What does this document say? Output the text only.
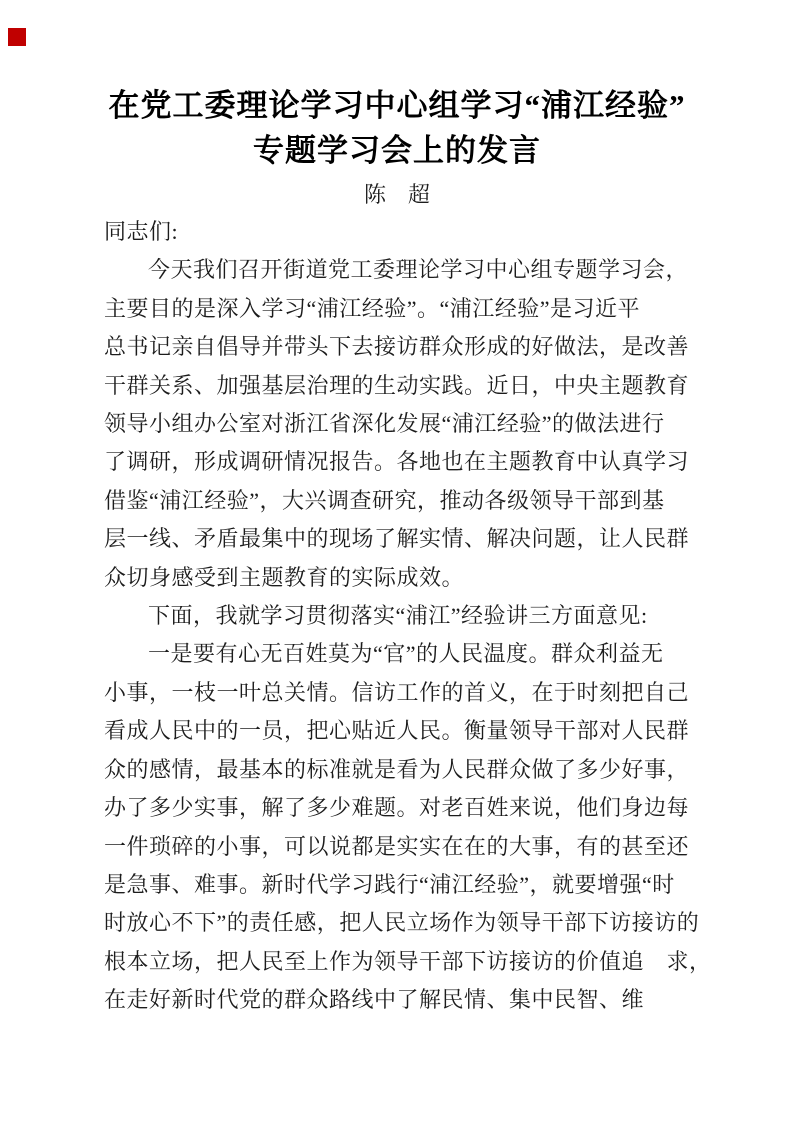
在党工委理论学习中心组学习“浦江经验”
专题学习会上的发言
陈　超
同志们:
今天我们召开街道党工委理论学习中心组专题学习会，
主要目的是深入学习“浦江经验”。“浦江经验”是习近平
总书记亲自倡导并带头下去接访群众形成的好做法，是改善
干群关系、加强基层治理的生动实践。近日，中央主题教育
领导小组办公室对浙江省深化发展“浦江经验”的做法进行
了调研，形成调研情况报告。各地也在主题教育中认真学习
借鉴“浦江经验”，大兴调查研究，推动各级领导干部到基
层一线、矛盾最集中的现场了解实情、解决问题，让人民群
众切身感受到主题教育的实际成效。
下面，我就学习贯彻落实“浦江”经验讲三方面意见:
一是要有心无百姓莫为“官”的人民温度。群众利益无
小事，一枝一叶总关情。信访工作的首义，在于时刻把自己
看成人民中的一员，把心贴近人民。衡量领导干部对人民群
众的感情，最基本的标准就是看为人民群众做了多少好事，
办了多少实事，解了多少难题。对老百姓来说，他们身边每
一件琐碎的小事，可以说都是实实在在的大事，有的甚至还
是急事、难事。新时代学习践行“浦江经验”，就要增强“时
时放心不下”的责任感，把人民立场作为领导干部下访接访的
根本立场，把人民至上作为领导干部下访接访的价值追　求，
在走好新时代党的群众路线中了解民情、集中民智、维
